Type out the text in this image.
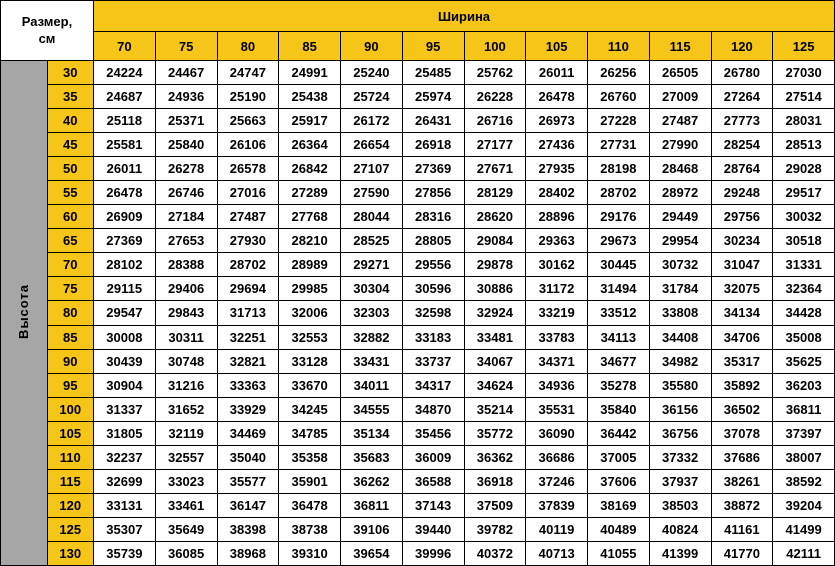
Размер,
см		Ширина											
		70	75	80	85	90	95	100	105	110	115	120	125
Высота	30	24224	24467	24747	24991	25240	25485	25762	26011	26256	26505	26780	27030
	35	24687	24936	25190	25438	25724	25974	26228	26478	26760	27009	27264	27514
	40	25118	25371	25663	25917	26172	26431	26716	26973	27228	27487	27773	28031
	45	25581	25840	26106	26364	26654	26918	27177	27436	27731	27990	28254	28513
	50	26011	26278	26578	26842	27107	27369	27671	27935	28198	28468	28764	29028
	55	26478	26746	27016	27289	27590	27856	28129	28402	28702	28972	29248	29517
	60	26909	27184	27487	27768	28044	28316	28620	28896	29176	29449	29756	30032
	65	27369	27653	27930	28210	28525	28805	29084	29363	29673	29954	30234	30518
	70	28102	28388	28702	28989	29271	29556	29878	30162	30445	30732	31047	31331
	75	29115	29406	29694	29985	30304	30596	30886	31172	31494	31784	32075	32364
	80	29547	29843	31713	32006	32303	32598	32924	33219	33512	33808	34134	34428
	85	30008	30311	32251	32553	32882	33183	33481	33783	34113	34408	34706	35008
	90	30439	30748	32821	33128	33431	33737	34067	34371	34677	34982	35317	35625
	95	30904	31216	33363	33670	34011	34317	34624	34936	35278	35580	35892	36203
	100	31337	31652	33929	34245	34555	34870	35214	35531	35840	36156	36502	36811
	105	31805	32119	34469	34785	35134	35456	35772	36090	36442	36756	37078	37397
	110	32237	32557	35040	35358	35683	36009	36362	36686	37005	37332	37686	38007
	115	32699	33023	35577	35901	36262	36588	36918	37246	37606	37937	38261	38592
	120	33131	33461	36147	36478	36811	37143	37509	37839	38169	38503	38872	39204
	125	35307	35649	38398	38738	39106	39440	39782	40119	40489	40824	41161	41499
	130	35739	36085	38968	39310	39654	39996	40372	40713	41055	41399	41770	42111
